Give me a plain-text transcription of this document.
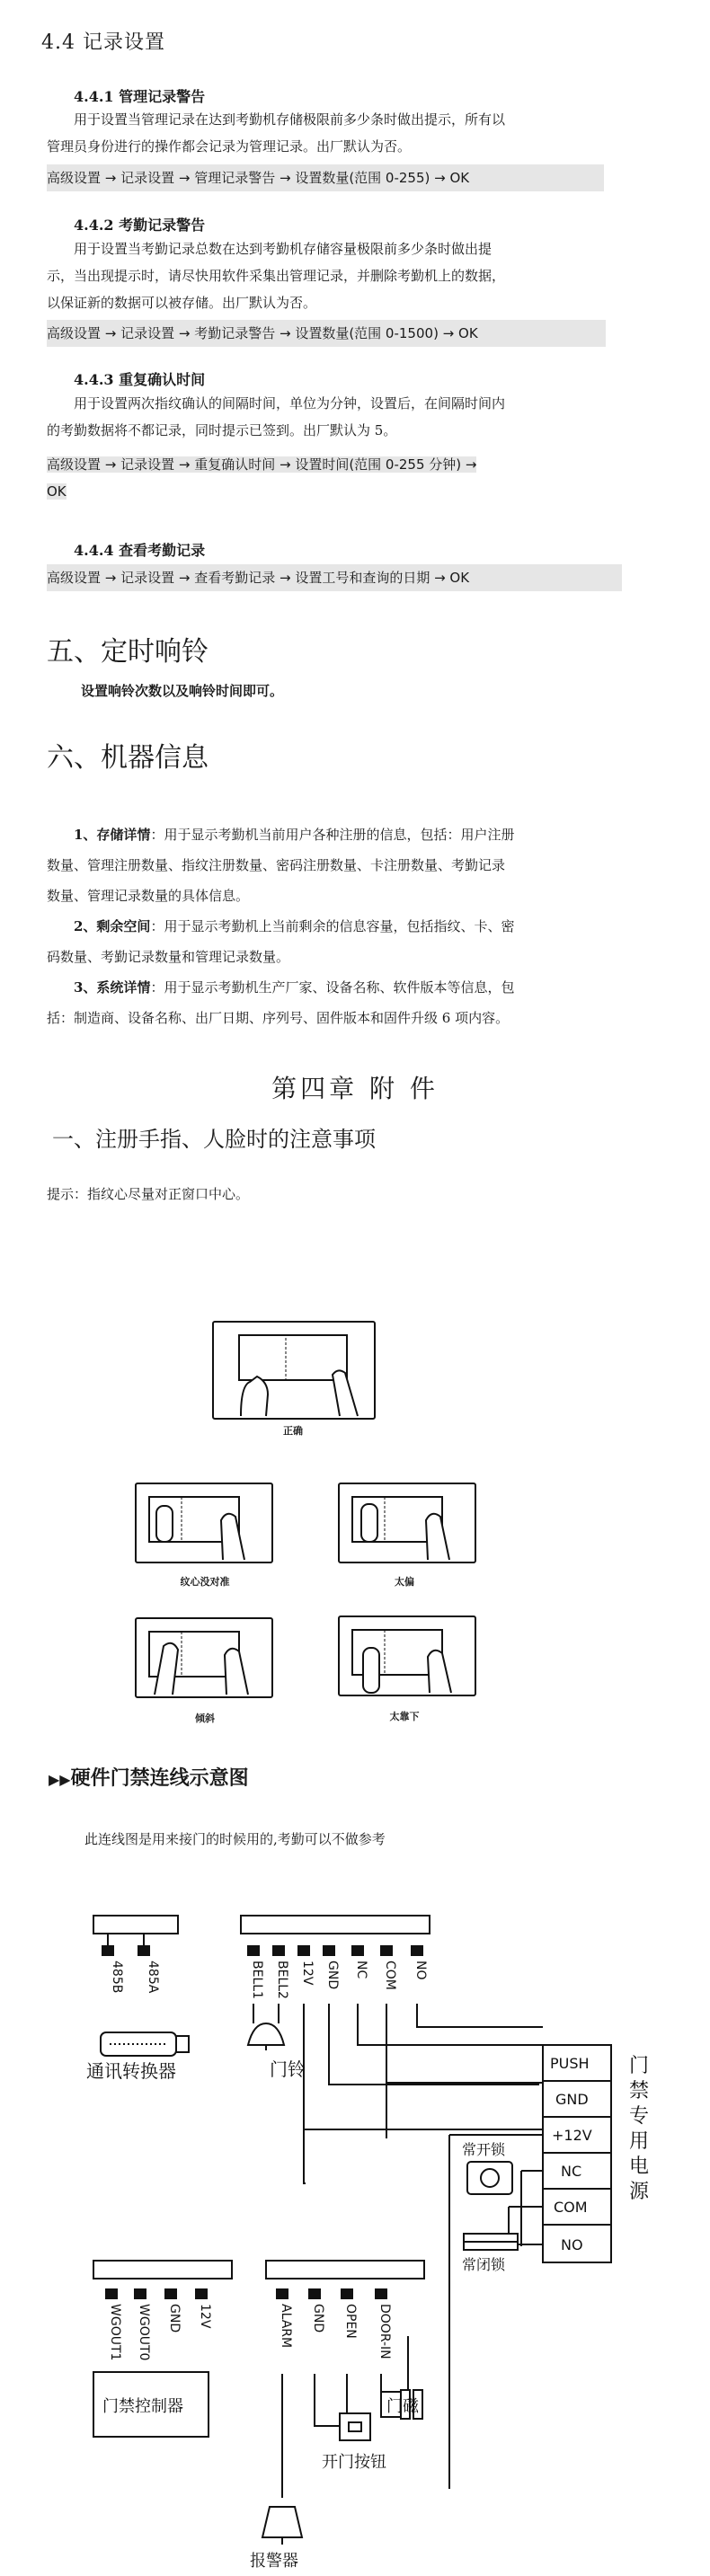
4.4 记录设置
4.4.1 管理记录警告
用于设置当管理记录在达到考勤机存储极限前多少条时做出提示，所有以
管理员身份进行的操作都会记录为管理记录。出厂默认为否。
高级设置 → 记录设置 → 管理记录警告 → 设置数量(范围 0-255) → OK
4.4.2 考勤记录警告
用于设置当考勤记录总数在达到考勤机存储容量极限前多少条时做出提
示，当出现提示时，请尽快用软件采集出管理记录，并删除考勤机上的数据，
以保证新的数据可以被存储。出厂默认为否。
高级设置 → 记录设置 → 考勤记录警告 → 设置数量(范围 0-1500) → OK
4.4.3 重复确认时间
用于设置两次指纹确认的间隔时间，单位为分钟，设置后，在间隔时间内
的考勤数据将不都记录，同时提示已签到。出厂默认为 5。
高级设置 → 记录设置 → 重复确认时间 → 设置时间(范围 0-255 分钟) →
OK
4.4.4 查看考勤记录
高级设置 → 记录设置 → 查看考勤记录 → 设置工号和查询的日期 → OK
五、定时响铃
设置响铃次数以及响铃时间即可。
六、机器信息
1、存储详情：用于显示考勤机当前用户各种注册的信息，包括：用户注册
数量、管理注册数量、指纹注册数量、密码注册数量、卡注册数量、考勤记录
数量、管理记录数量的具体信息。
2、剩余空间：用于显示考勤机上当前剩余的信息容量，包括指纹、卡、密
码数量、考勤记录数量和管理记录数量。
3、系统详情：用于显示考勤机生产厂家、设备名称、软件版本等信息，包
括：制造商、设备名称、出厂日期、序列号、固件版本和固件升级 6 项内容。
第四章 附 件
一、注册手指、人脸时的注意事项
提示：指纹心尽量对正窗口中心。
正确
纹心没对准	太偏
倾斜	太靠下
▶▶硬件门禁连线示意图
此连线图是用来接门的时候用的,考勤可以不做参考
485B 485A
通讯转换器
BELL1 BELL2 12V GND NC COM NO
门铃	PUSH
GND
+12V
NC
COM
NO
门
禁
专
用
电
源
常开锁
常闭锁
WGOUT1 WGOUT0 GND 12V
门禁控制器
ALARM GND OPEN DOOR-IN
门磁
开门按钮
报警器
